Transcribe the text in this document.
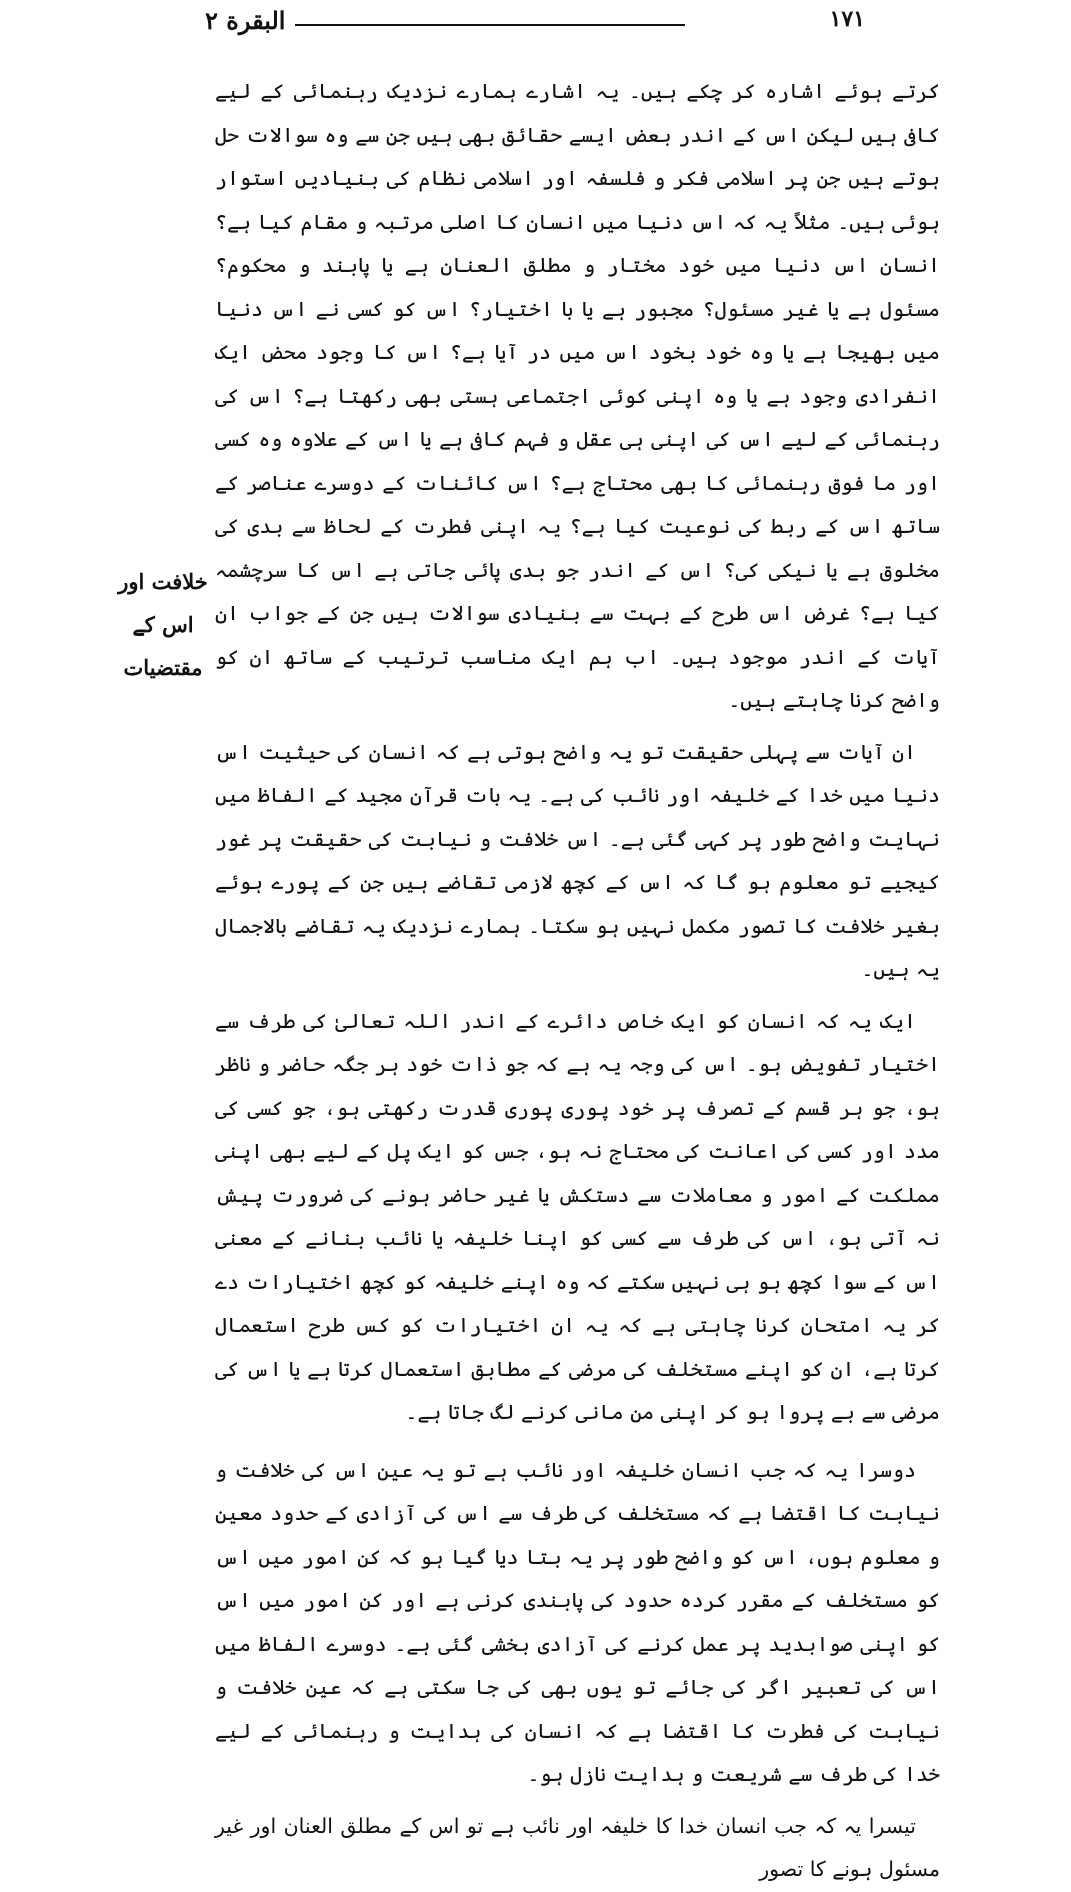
١٧١
البقرة ٢
خلافت اور
اس کے
مقتضیات

کرتے ہوئے اشارہ کر چکے ہیں۔ یہ اشارے ہمارے نزدیک رہنمائی کے لیے کافی ہیں لیکن اس کے اندر بعض ایسے حقائق بھی ہیں جن سے وہ سوالات حل ہوتے ہیں جن پر اسلامی فکر و فلسفہ اور اسلامی نظام کی بنیادیں استوار ہوئی ہیں۔ مثلاً یہ کہ اس دنیا میں انسان کا اصلی مرتبہ و مقام کیا ہے؟ انسان اس دنیا میں خود مختار و مطلق العنان ہے یا پابند و محکوم؟ مسئول ہے یا غیر مسئول؟ مجبور ہے یا با اختیار؟ اس کو کسی نے اس دنیا میں بھیجا ہے یا وہ خود بخود اس میں در آیا ہے؟ اس کا وجود محض ایک انفرادی وجود ہے یا وہ اپنی کوئی اجتماعی ہستی بھی رکھتا ہے؟ اس کی رہنمائی کے لیے اس کی اپنی ہی عقل و فہم کافی ہے یا اس کے علاوہ وہ کسی اور ما فوق رہنمائی کا بھی محتاج ہے؟ اس کائنات کے دوسرے عناصر کے ساتھ اس کے ربط کی نوعیت کیا ہے؟ یہ اپنی فطرت کے لحاظ سے بدی کی مخلوق ہے یا نیکی کی؟ اس کے اندر جو بدی پائی جاتی ہے اس کا سرچشمہ کیا ہے؟ غرض اس طرح کے بہت سے بنیادی سوالات ہیں جن کے جواب ان آیات کے اندر موجود ہیں۔ اب ہم ایک مناسب ترتیب کے ساتھ ان کو واضح کرنا چاہتے ہیں۔

ان آیات سے پہلی حقیقت تو یہ واضح ہوتی ہے کہ انسان کی حیثیت اس دنیا میں خدا کے خلیفہ اور نائب کی ہے۔ یہ بات قرآن مجید کے الفاظ میں نہایت واضح طور پر کہی گئی ہے۔ اس خلافت و نیابت کی حقیقت پر غور کیجیے تو معلوم ہو گا کہ اس کے کچھ لازمی تقاضے ہیں جن کے پورے ہوئے بغیر خلافت کا تصور مکمل نہیں ہو سکتا۔ ہمارے نزدیک یہ تقاضے بالاجمال یہ ہیں۔

ایک یہ کہ انسان کو ایک خاص دائرے کے اندر اللہ تعالیٰ کی طرف سے اختیار تفویض ہو۔ اس کی وجہ یہ ہے کہ جو ذات خود ہر جگہ حاضر و ناظر ہو، جو ہر قسم کے تصرف پر خود پوری پوری قدرت رکھتی ہو، جو کسی کی مدد اور کسی کی اعانت کی محتاج نہ ہو، جس کو ایک پل کے لیے بھی اپنی مملکت کے امور و معاملات سے دستکش یا غیر حاضر ہونے کی ضرورت پیش نہ آتی ہو، اس کی طرف سے کسی کو اپنا خلیفہ یا نائب بنانے کے معنی اس کے سوا کچھ ہو ہی نہیں سکتے کہ وہ اپنے خلیفہ کو کچھ اختیارات دے کر یہ امتحان کرنا چاہتی ہے کہ یہ ان اختیارات کو کس طرح استعمال کرتا ہے، ان کو اپنے مستخلف کی مرضی کے مطابق استعمال کرتا ہے یا اس کی مرضی سے بے پروا ہو کر اپنی من مانی کرنے لگ جاتا ہے۔

دوسرا یہ کہ جب انسان خلیفہ اور نائب ہے تو یہ عین اس کی خلافت و نیابت کا اقتضا ہے کہ مستخلف کی طرف سے اس کی آزادی کے حدود معین و معلوم ہوں، اس کو واضح طور پر یہ بتا دیا گیا ہو کہ کن امور میں اس کو مستخلف کے مقرر کردہ حدود کی پابندی کرنی ہے اور کن امور میں اس کو اپنی صوابدید پر عمل کرنے کی آزادی بخشی گئی ہے۔ دوسرے الفاظ میں اس کی تعبیر اگر کی جائے تو یوں بھی کی جا سکتی ہے کہ عین خلافت و نیابت کی فطرت کا اقتضا ہے کہ انسان کی ہدایت و رہنمائی کے لیے خدا کی طرف سے شریعت و ہدایت نازل ہو۔

تیسرا یہ کہ جب انسان خدا کا خلیفہ اور نائب ہے تو اس کے مطلق العنان اور غیر مسئول ہونے کا تصور
